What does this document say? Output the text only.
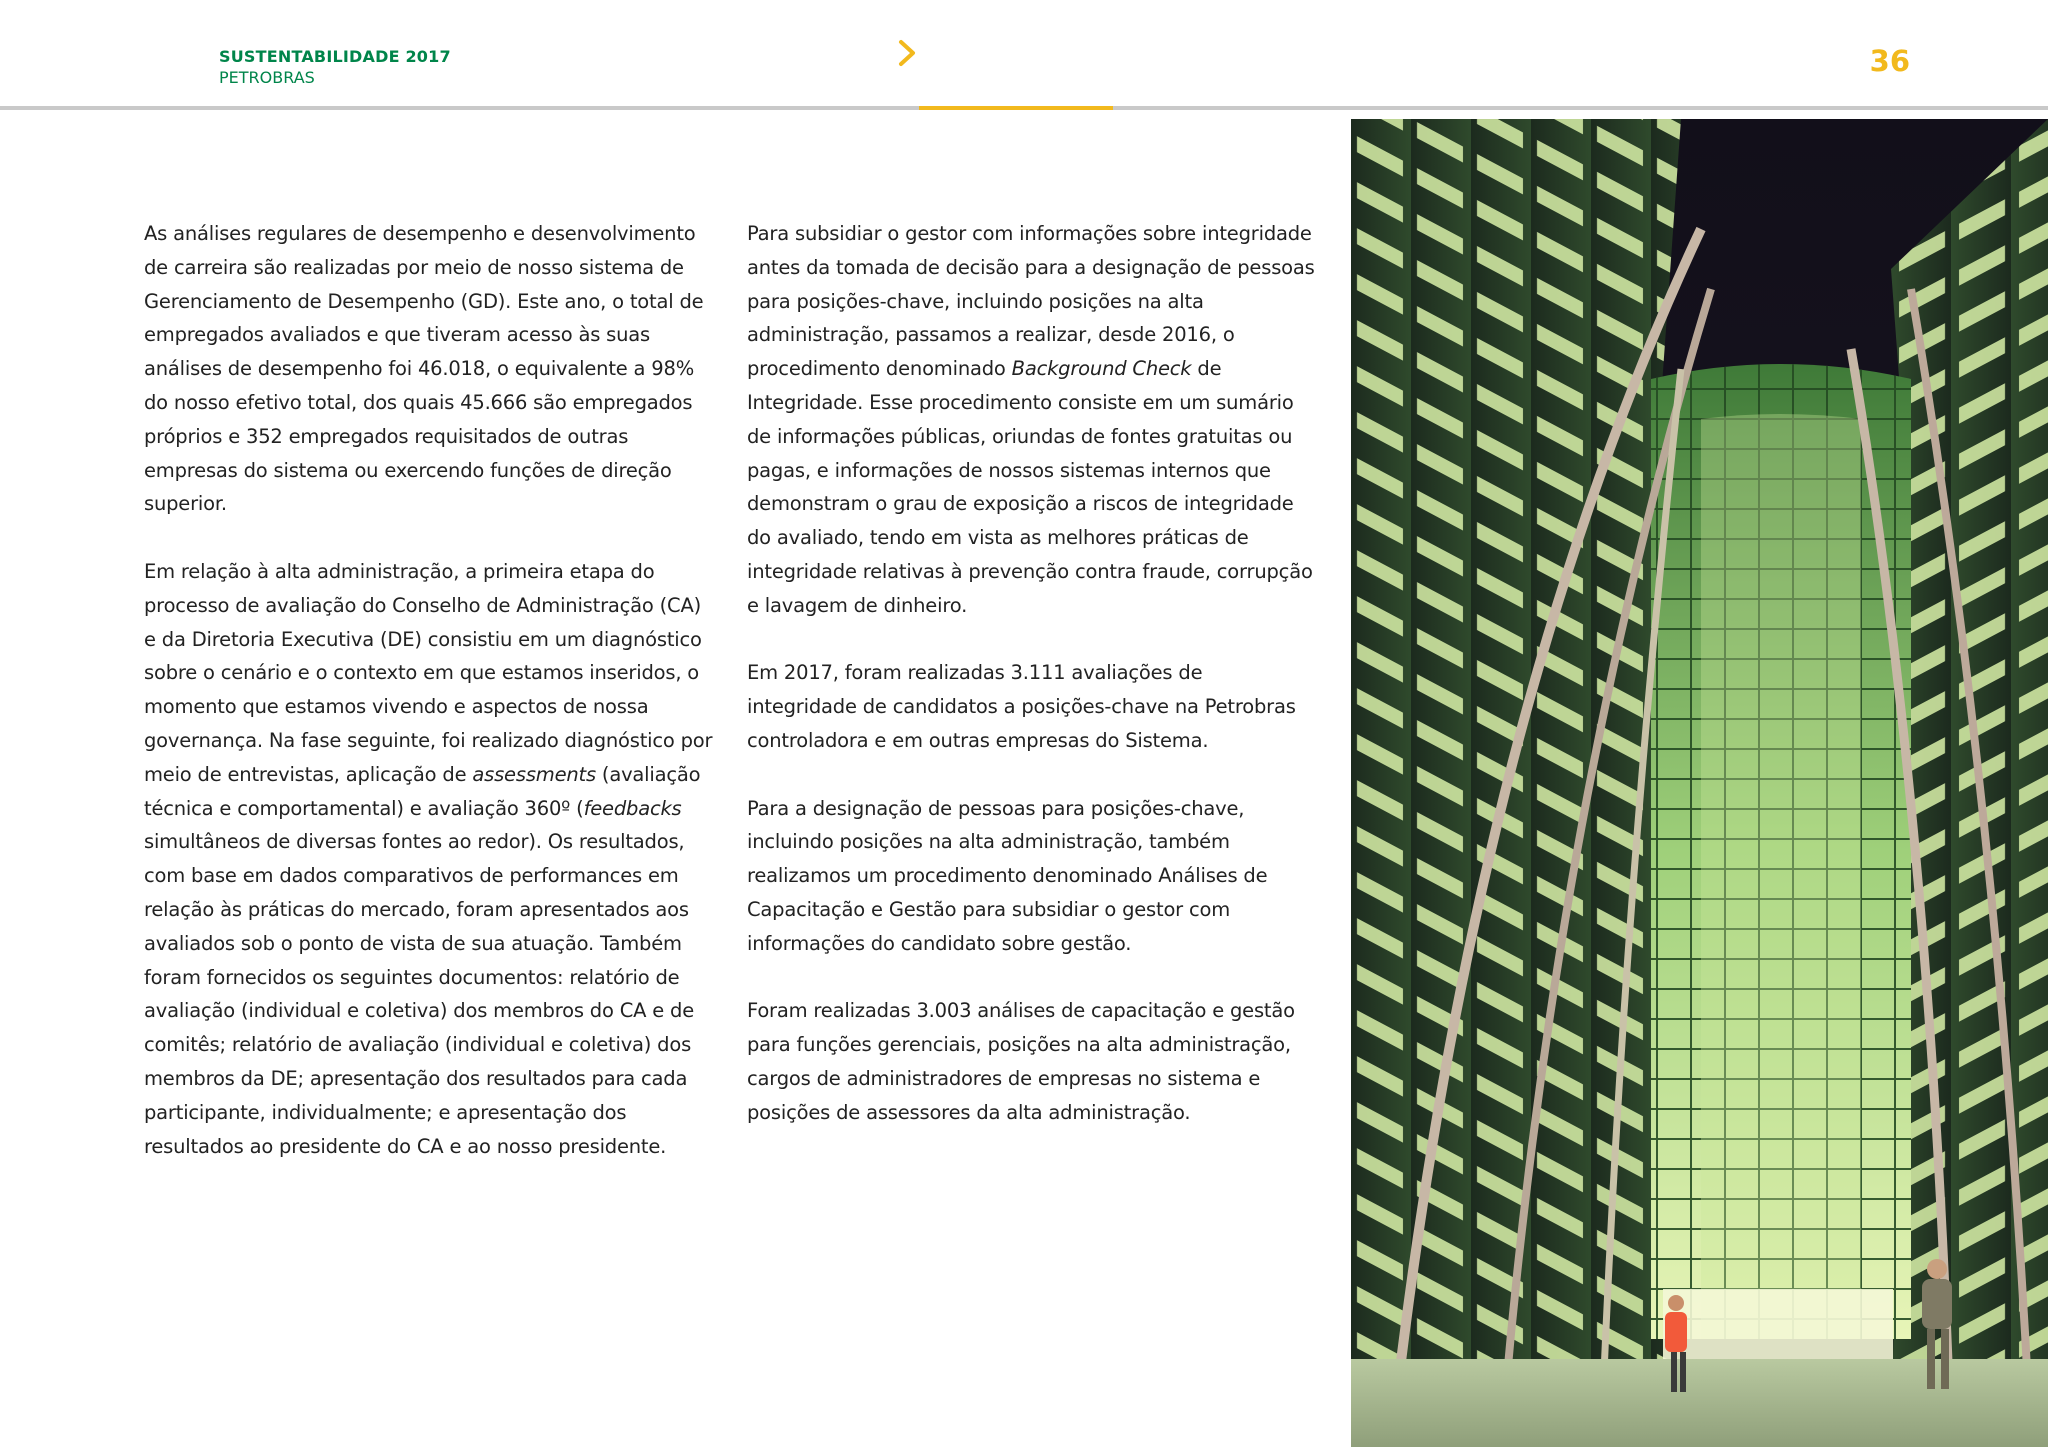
SUSTENTABILIDADE 2017
PETROBRAS	36

As análises regulares de desempenho e desenvolvimento de carreira são realizadas por meio de nosso sistema de Gerenciamento de Desempenho (GD). Este ano, o total de empregados avaliados e que tiveram acesso às suas análises de desempenho foi 46.018, o equivalente a 98% do nosso efetivo total, dos quais 45.666 são empregados próprios e 352 empregados requisitados de outras empresas do sistema ou exercendo funções de direção superior.

Em relação à alta administração, a primeira etapa do processo de avaliação do Conselho de Administração (CA) e da Diretoria Executiva (DE) consistiu em um diagnóstico sobre o cenário e o contexto em que estamos inseridos, o momento que estamos vivendo e aspectos de nossa governança. Na fase seguinte, foi realizado diagnóstico por meio de entrevistas, aplicação de assessments (avaliação técnica e comportamental) e avaliação 360º (feedbacks simultâneos de diversas fontes ao redor). Os resultados, com base em dados comparativos de performances em relação às práticas do mercado, foram apresentados aos avaliados sob o ponto de vista de sua atuação. Também foram fornecidos os seguintes documentos: relatório de avaliação (individual e coletiva) dos membros do CA e de comitês; relatório de avaliação (individual e coletiva) dos membros da DE; apresentação dos resultados para cada participante, individualmente; e apresentação dos resultados ao presidente do CA e ao nosso presidente.

Para subsidiar o gestor com informações sobre integridade antes da tomada de decisão para a designação de pessoas para posições-chave, incluindo posições na alta administração, passamos a realizar, desde 2016, o procedimento denominado Background Check de Integridade. Esse procedimento consiste em um sumário de informações públicas, oriundas de fontes gratuitas ou pagas, e informações de nossos sistemas internos que demonstram o grau de exposição a riscos de integridade do avaliado, tendo em vista as melhores práticas de integridade relativas à prevenção contra fraude, corrupção e lavagem de dinheiro.

Em 2017, foram realizadas 3.111 avaliações de integridade de candidatos a posições-chave na Petrobras controladora e em outras empresas do Sistema.

Para a designação de pessoas para posições-chave, incluindo posições na alta administração, também realizamos um procedimento denominado Análises de Capacitação e Gestão para subsidiar o gestor com informações do candidato sobre gestão.

Foram realizadas 3.003 análises de capacitação e gestão para funções gerenciais, posições na alta administração, cargos de administradores de empresas no sistema e posições de assessores da alta administração.
